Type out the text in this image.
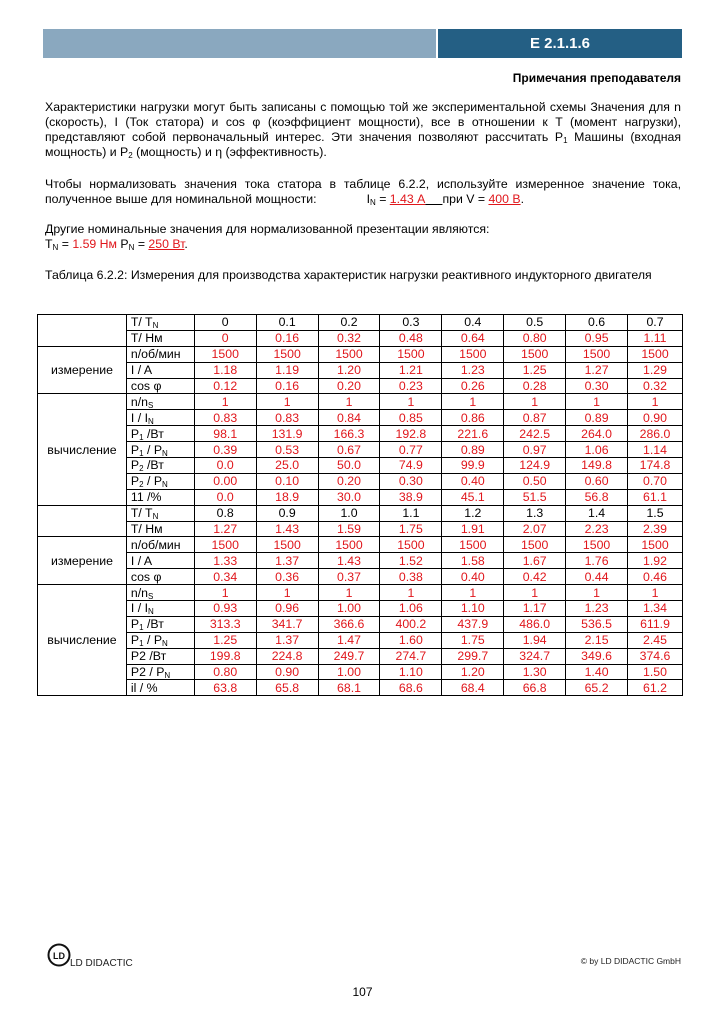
E 2.1.1.6
Примечания преподавателя
Характеристики нагрузки могут быть записаны с помощью той же экспериментальной схемы Значения для n (скорость), I (Ток статора) и cos φ (коэффициент мощности), все в отношении к T (момент нагрузки), представляют собой первоначальный интерес. Эти значения позволяют рассчитать $P_1$ Машины (входная мощность) и $P_2$ (мощность) и η (эффективность).
Чтобы нормализовать значения тока статора в таблице 6.2.2, используйте измеренное значение тока, полученное выше для номинальной мощности:	$I_N = 1.43$ А при V = 400 В.
Другие номинальные значения для нормализованной презентации являются:
$T_N = 1.59$ Нм $P_N = 250$ Вт.
Таблица 6.2.2: Измерения для производства характеристик нагрузки реактивного индукторного двигателя
	T/ $T_N$	0	0.1	0.2	0.3	0.4	0.5	0.6	0.7
	T/ Нм	0	0.16	0.32	0.48	0.64	0.80	0.95	1.11
измерение	n/об/мин	1500	1500	1500	1500	1500	1500	1500	1500
	I / A	1.18	1.19	1.20	1.21	1.23	1.25	1.27	1.29
	cos φ	0.12	0.16	0.20	0.23	0.26	0.28	0.30	0.32
вычисление	$n/n_S$	1	1	1	1	1	1	1	1
	I / $I_N$	0.83	0.83	0.84	0.85	0.86	0.87	0.89	0.90
	$P_1$ /Вт	98.1	131.9	166.3	192.8	221.6	242.5	264.0	286.0
	$P_1 / P_N$	0.39	0.53	0.67	0.77	0.89	0.97	1.06	1.14
	$P_2$ /Вт	0.0	25.0	50.0	74.9	99.9	124.9	149.8	174.8
	$P_2 / P_N$	0.00	0.10	0.20	0.30	0.40	0.50	0.60	0.70
	11 /%	0.0	18.9	30.0	38.9	45.1	51.5	56.8	61.1
	T/ $T_N$	0.8	0.9	1.0	1.1	1.2	1.3	1.4	1.5
	T/ Нм	1.27	1.43	1.59	1.75	1.91	2.07	2.23	2.39
измерение	n/об/мин	1500	1500	1500	1500	1500	1500	1500	1500
	I / A	1.33	1.37	1.43	1.52	1.58	1.67	1.76	1.92
	cos φ	0.34	0.36	0.37	0.38	0.40	0.42	0.44	0.46
вычисление	$n/n_S$	1	1	1	1	1	1	1	1
	I / $I_N$	0.93	0.96	1.00	1.06	1.10	1.17	1.23	1.34
	$P_1$ /Вт	313.3	341.7	366.6	400.2	437.9	486.0	536.5	611.9
	$P_1 / P_N$	1.25	1.37	1.47	1.60	1.75	1.94	2.15	2.45
	P2 /Вт	199.8	224.8	249.7	274.7	299.7	324.7	349.6	374.6
	$P2 / P_N$	0.80	0.90	1.00	1.10	1.20	1.30	1.40	1.50
	il / %	63.8	65.8	68.1	68.6	68.4	66.8	65.2	61.2
LD
LD DIDACTIC	© by LD DIDACTIC GmbH
107
